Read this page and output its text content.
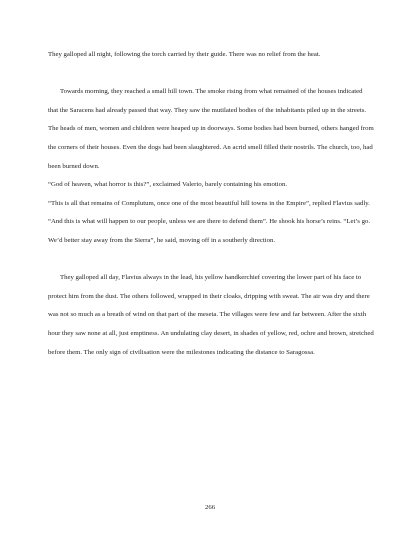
They galloped all night, following the torch carried by their guide. There was no relief from the heat.

Towards morning, they reached a small hill town. The smoke rising from what remained of the houses indicated that the Saracens had already passed that way. They saw the mutilated bodies of the inhabitants piled up in the streets. The heads of men, women and children were heaped up in doorways. Some bodies had been burned, others hanged from the corners of their houses. Even the dogs had been slaughtered. An acrid smell filled their nostrils. The church, too, had been burned down.

“God of heaven, what horror is this?”, exclaimed Valerio, barely containing his emotion.

“This is all that remains of Complutum, once one of the most beautiful hill towns in the Empire”, replied Flavius sadly. “And this is what will happen to our people, unless we are there to defend them”. He shook his horse’s reins. “Let’s go. We’d better stay away from the Sierra”, he said, moving off in a southerly direction.

They galloped all day, Flavius always in the lead, his yellow handkerchief covering the lower part of his face to protect him from the dust. The others followed, wrapped in their cloaks, dripping with sweat. The air was dry and there was not so much as a breath of wind on that part of the meseta. The villages were few and far between. After the sixth hour they saw none at all, just emptiness. An undulating clay desert, in shades of yellow, red, ochre and brown, stretched before them. The only sign of civilisation were the milestones indicating the distance to Saragossa.

266
